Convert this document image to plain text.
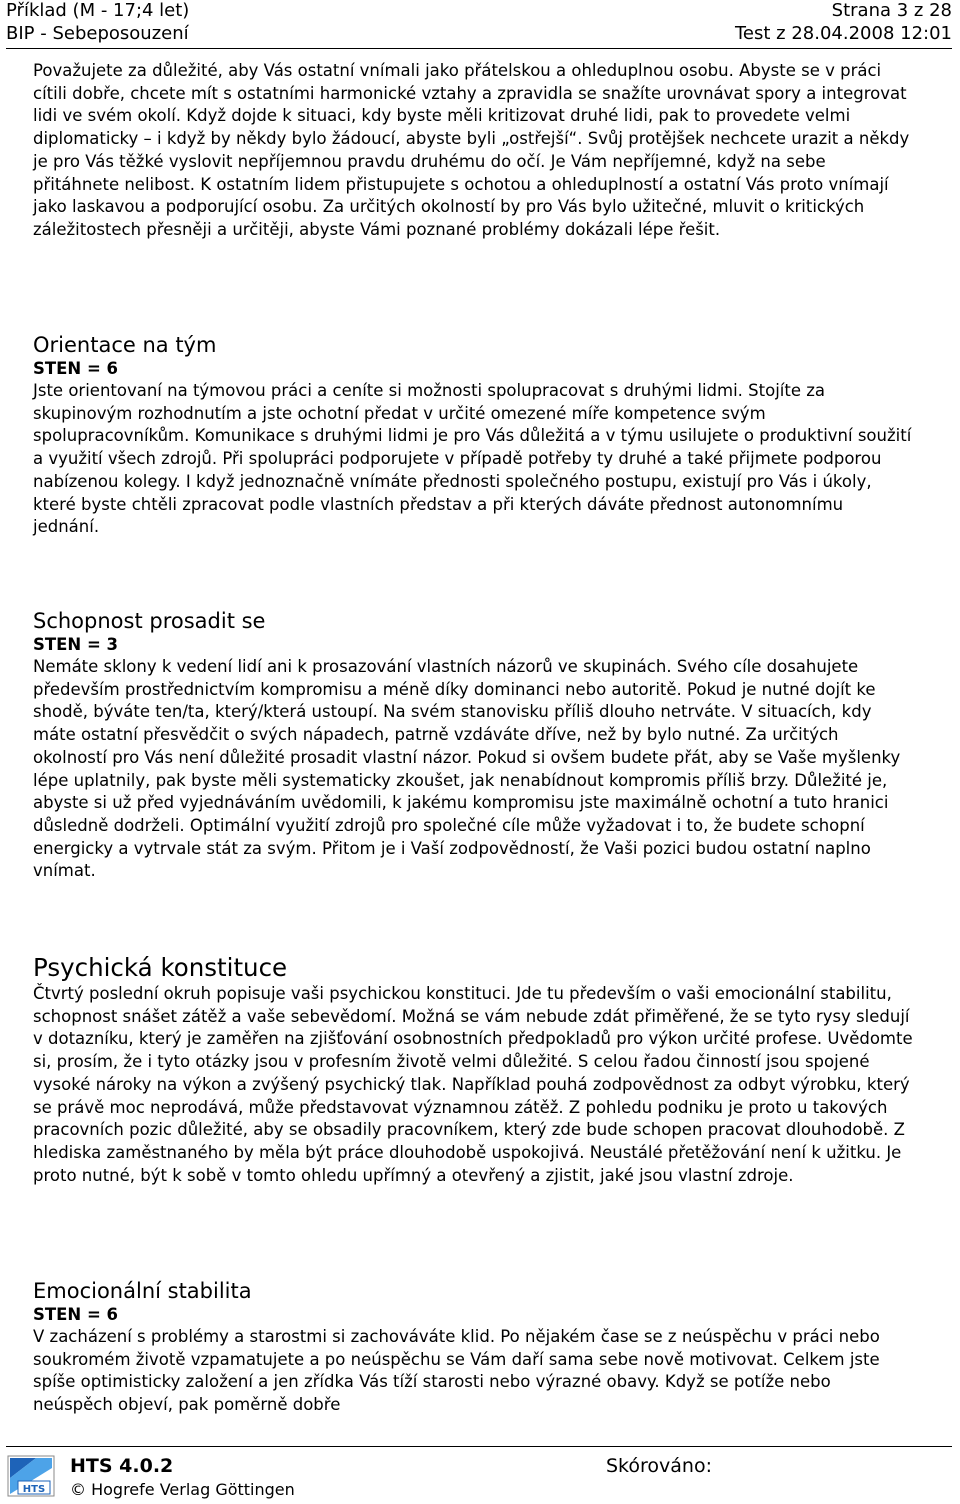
Příklad (M - 17;4 let)	Strana 3 z 28
BIP - Sebeposouzení	Test z 28.04.2008 12:01

Považujete za důležité, aby Vás ostatní vnímali jako přátelskou a ohleduplnou osobu. Abyste se v práci cítili dobře, chcete mít s ostatními harmonické vztahy a zpravidla se snažíte urovnávat spory a integrovat lidi ve svém okolí. Když dojde k situaci, kdy byste měli kritizovat druhé lidi, pak to provedete velmi diplomaticky – i když by někdy bylo žádoucí, abyste byli „ostřejší“. Svůj protějšek nechcete urazit a někdy je pro Vás těžké vyslovit nepříjemnou pravdu druhému do očí. Je Vám nepříjemné, když na sebe přitáhnete nelibost. K ostatním lidem přistupujete s ochotou a ohleduplností a ostatní Vás proto vnímají jako laskavou a podporující osobu. Za určitých okolností by pro Vás bylo užitečné, mluvit o kritických záležitostech přesněji a určitěji, abyste Vámi poznané problémy dokázali lépe řešit.

Orientace na tým

STEN = 6

Jste orientovaní na týmovou práci a ceníte si možnosti spolupracovat s druhými lidmi. Stojíte za skupinovým rozhodnutím a jste ochotní předat v určité omezené míře kompetence svým spolupracovníkům. Komunikace s druhými lidmi je pro Vás důležitá a v týmu usilujete o produktivní soužití a využití všech zdrojů. Při spolupráci podporujete v případě potřeby ty druhé a také přijmete podporou nabízenou kolegy. I když jednoznačně vnímáte přednosti společného postupu, existují pro Vás i úkoly, které byste chtěli zpracovat podle vlastních představ a při kterých dáváte přednost autonomnímu jednání.

Schopnost prosadit se

STEN = 3

Nemáte sklony k vedení lidí ani k prosazování vlastních názorů ve skupinách. Svého cíle dosahujete především prostřednictvím kompromisu a méně díky dominanci nebo autoritě. Pokud je nutné dojít ke shodě, býváte ten/ta, který/která ustoupí. Na svém stanovisku příliš dlouho netrváte. V situacích, kdy máte ostatní přesvědčit o svých nápadech, patrně vzdáváte dříve, než by bylo nutné. Za určitých okolností pro Vás není důležité prosadit vlastní názor. Pokud si ovšem budete přát, aby se Vaše myšlenky lépe uplatnily, pak byste měli systematicky zkoušet, jak nenabídnout kompromis příliš brzy. Důležité je, abyste si už před vyjednáváním uvědomili, k jakému kompromisu jste maximálně ochotní a tuto hranici důsledně dodrželi. Optimální využití zdrojů pro společné cíle může vyžadovat i to, že budete schopní energicky a vytrvale stát za svým. Přitom je i Vaší zodpovědností, že Vaši pozici budou ostatní naplno vnímat.

Psychická konstituce

Čtvrtý poslední okruh popisuje vaši psychickou konstituci. Jde tu především o vaši emocionální stabilitu, schopnost snášet zátěž a vaše sebevědomí. Možná se vám nebude zdát přiměřené, že se tyto rysy sledují v dotazníku, který je zaměřen na zjišťování osobnostních předpokladů pro výkon určité profese. Uvědomte si, prosím, že i tyto otázky jsou v profesním životě velmi důležité. S celou řadou činností jsou spojené vysoké nároky na výkon a zvýšený psychický tlak. Například pouhá zodpovědnost za odbyt výrobku, který se právě moc neprodává, může představovat významnou zátěž. Z pohledu podniku je proto u takových pracovních pozic důležité, aby se obsadily pracovníkem, který zde bude schopen pracovat dlouhodobě. Z hlediska zaměstnaného by měla být práce dlouhodobě uspokojivá. Neustálé přetěžování není k užitku. Je proto nutné, být k sobě v tomto ohledu upřímný a otevřený a zjistit, jaké jsou vlastní zdroje.

Emocionální stabilita

STEN = 6

V zacházení s problémy a starostmi si zachováváte klid. Po nějakém čase se z neúspěchu v práci nebo soukromém životě vzpamatujete a po neúspěchu se Vám daří sama sebe nově motivovat. Celkem jste spíše optimisticky založení a jen zřídka Vás tíží starosti nebo výrazné obavy. Když se potíže nebo neúspěch objeví, pak poměrně dobře

HTS
HTS 4.0.2
© Hogrefe Verlag Göttingen
Skórováno:
